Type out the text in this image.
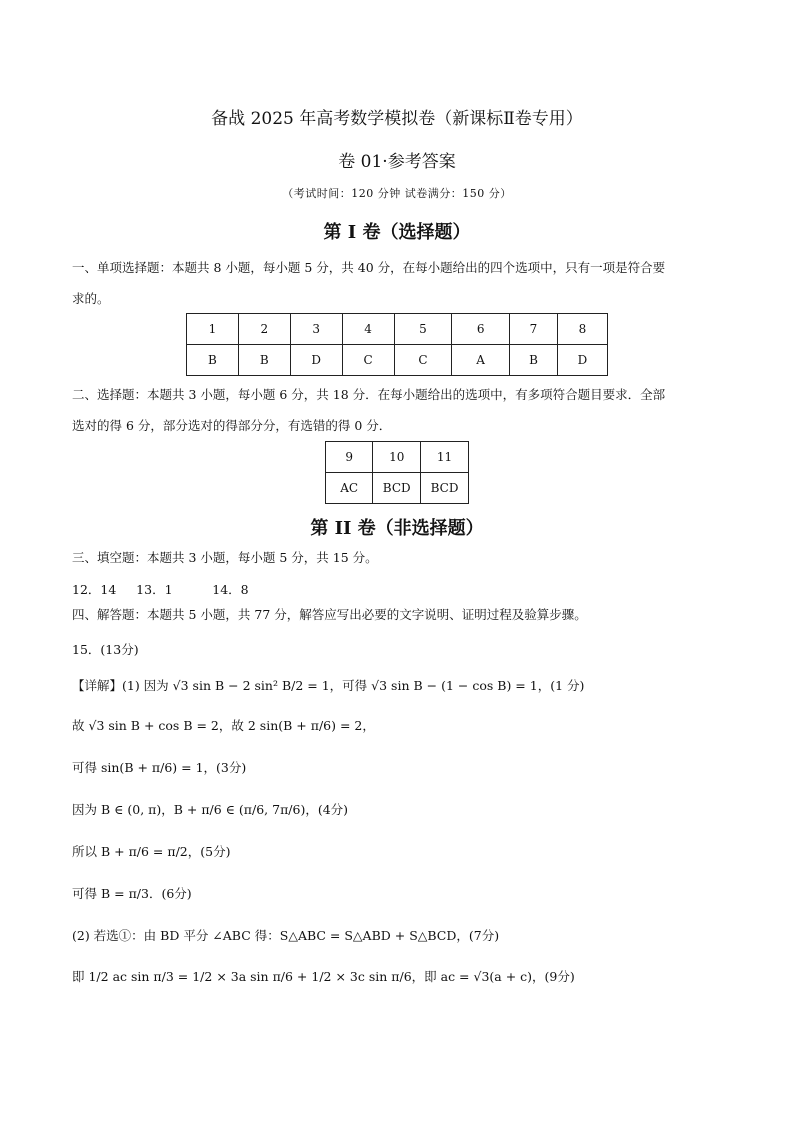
备战 2025 年高考数学模拟卷（新课标Ⅱ卷专用）
卷 01·参考答案
（考试时间：120 分钟 试卷满分：150 分）
第 I 卷（选择题）
一、单项选择题：本题共 8 小题，每小题 5 分，共 40 分，在每小题给出的四个选项中，只有一项是符合要
求的。
1	2	3	4	5	6	7	8
B	B	D	C	C	A	B	D
二、选择题：本题共 3 小题，每小题 6 分，共 18 分．在每小题给出的选项中，有多项符合题目要求．全部
选对的得 6 分，部分选对的得部分分，有选错的得 0 分．
9	10	11
AC	BCD	BCD
第 II 卷（非选择题）
三、填空题：本题共 3 小题，每小题 5 分，共 15 分。
12．14     13．1          14．8
四、解答题：本题共 5 小题，共 77 分，解答应写出必要的文字说明、证明过程及验算步骤。
15．(13分)
【详解】(1) 因为 √3 sin B − 2 sin² B/2 = 1，可得 √3 sin B − (1 − cos B) = 1，(1 分)
故 √3 sin B + cos B = 2，故 2 sin(B + π/6) = 2，
可得 sin(B + π/6) = 1，(3分)
因为 B ∈ (0, π)，B + π/6 ∈ (π/6, 7π/6)，(4分)
所以 B + π/6 = π/2，(5分)
可得 B = π/3．(6分)
(2) 若选①：由 BD 平分 ∠ABC 得：S△ABC = S△ABD + S△BCD，(7分)
即 1/2 ac sin π/3 = 1/2 × 3a sin π/6 + 1/2 × 3c sin π/6，即 ac = √3(a + c)，(9分)
